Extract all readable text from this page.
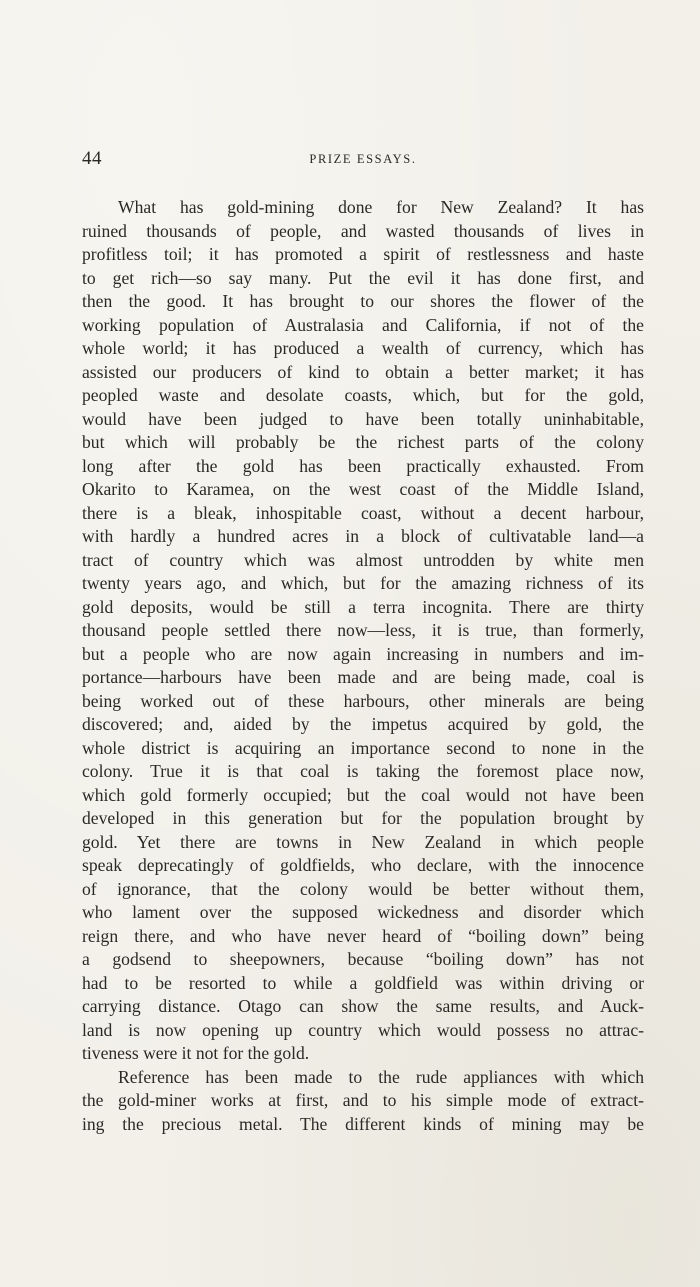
44	PRIZE ESSAYS.
What has gold-mining done for New Zealand? It has
ruined thousands of people, and wasted thousands of lives in
profitless toil; it has promoted a spirit of restlessness and haste
to get rich—so say many. Put the evil it has done first, and
then the good. It has brought to our shores the flower of the
working population of Australasia and California, if not of the
whole world; it has produced a wealth of currency, which has
assisted our producers of kind to obtain a better market; it has
peopled waste and desolate coasts, which, but for the gold,
would have been judged to have been totally uninhabitable,
but which will probably be the richest parts of the colony
long after the gold has been practically exhausted. From
Okarito to Karamea, on the west coast of the Middle Island,
there is a bleak, inhospitable coast, without a decent harbour,
with hardly a hundred acres in a block of cultivatable land—a
tract of country which was almost untrodden by white men
twenty years ago, and which, but for the amazing richness of its
gold deposits, would be still a terra incognita. There are thirty
thousand people settled there now—less, it is true, than formerly,
but a people who are now again increasing in numbers and im-
portance—harbours have been made and are being made, coal is
being worked out of these harbours, other minerals are being
discovered; and, aided by the impetus acquired by gold, the
whole district is acquiring an importance second to none in the
colony. True it is that coal is taking the foremost place now,
which gold formerly occupied; but the coal would not have been
developed in this generation but for the population brought by
gold. Yet there are towns in New Zealand in which people
speak deprecatingly of goldfields, who declare, with the innocence
of ignorance, that the colony would be better without them,
who lament over the supposed wickedness and disorder which
reign there, and who have never heard of “boiling down” being
a godsend to sheepowners, because “boiling down” has not
had to be resorted to while a goldfield was within driving or
carrying distance. Otago can show the same results, and Auck-
land is now opening up country which would possess no attrac-
tiveness were it not for the gold.
Reference has been made to the rude appliances with which
the gold-miner works at first, and to his simple mode of extract-
ing the precious metal. The different kinds of mining may be
